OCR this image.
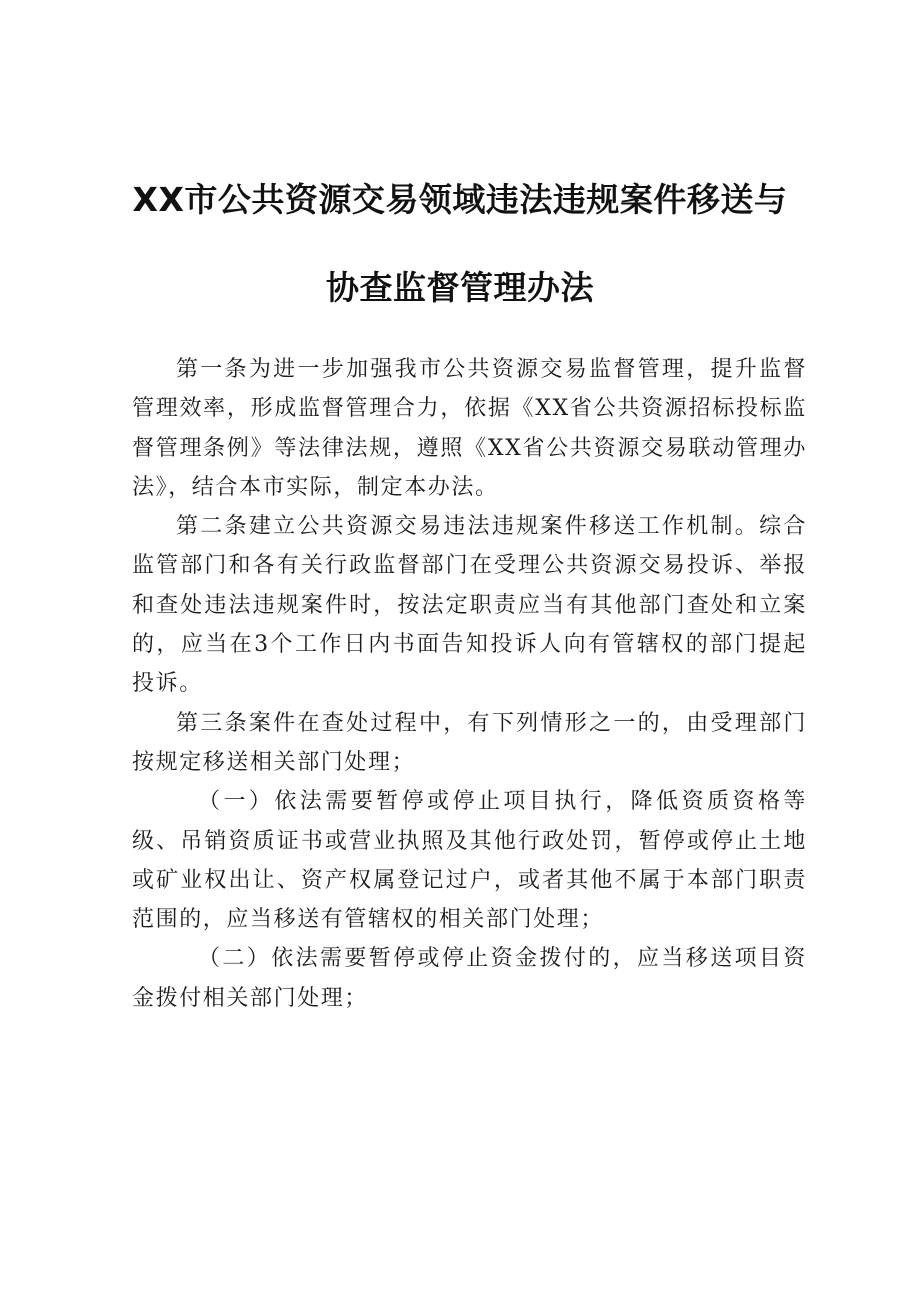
XX市公共资源交易领域违法违规案件移送与
协查监督管理办法

第一条为进一步加强我市公共资源交易监督管理，提升监督管理效率，形成监督管理合力，依据《XX省公共资源招标投标监督管理条例》等法律法规，遵照《XX省公共资源交易联动管理办法》，结合本市实际，制定本办法。

第二条建立公共资源交易违法违规案件移送工作机制。综合监管部门和各有关行政监督部门在受理公共资源交易投诉、举报和查处违法违规案件时，按法定职责应当有其他部门查处和立案的，应当在3个工作日内书面告知投诉人向有管辖权的部门提起投诉。

第三条案件在查处过程中，有下列情形之一的，由受理部门按规定移送相关部门处理；

（一）依法需要暂停或停止项目执行，降低资质资格等级、吊销资质证书或营业执照及其他行政处罚，暂停或停止土地或矿业权出让、资产权属登记过户，或者其他不属于本部门职责范围的，应当移送有管辖权的相关部门处理；

（二）依法需要暂停或停止资金拨付的，应当移送项目资金拨付相关部门处理；
